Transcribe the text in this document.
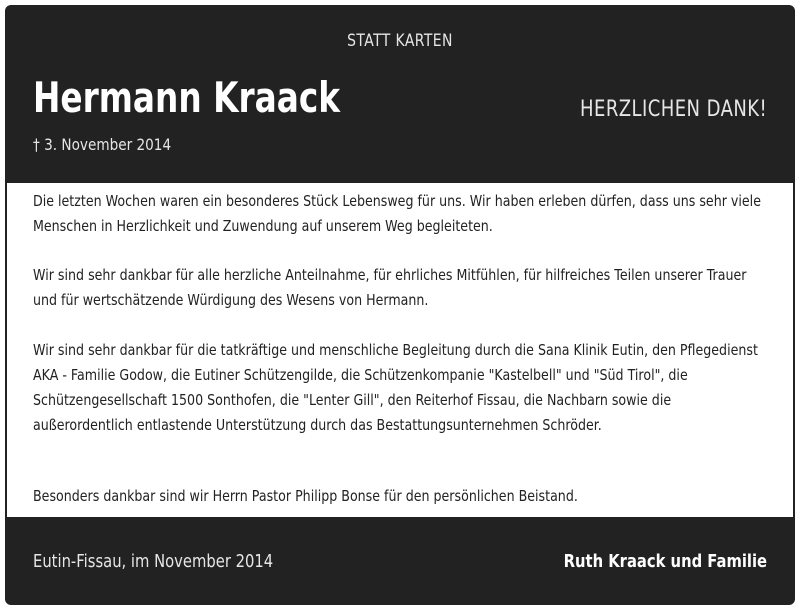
STATT KARTEN
Hermann Kraack
† 3. November 2014
HERZLICHEN DANK!

Die letzten Wochen waren ein besonderes Stück Lebensweg für uns. Wir haben erleben dürfen, dass uns sehr viele Menschen in Herzlichkeit und Zuwendung auf unserem Weg begleiteten.

Wir sind sehr dankbar für alle herzliche Anteilnahme, für ehrliches Mitfühlen, für hilfreiches Teilen unserer Trauer und für wertschätzende Würdigung des Wesens von Hermann.

Wir sind sehr dankbar für die tatkräftige und menschliche Begleitung durch die Sana Klinik Eutin, den Pflegedienst AKA - Familie Godow, die Eutiner Schützengilde, die Schützenkompanie "Kastelbell" und "Süd Tirol", die Schützengesellschaft 1500 Sonthofen, die "Lenter Gill", den Reiterhof Fissau, die Nachbarn sowie die außerordentlich entlastende Unterstützung durch das Bestattungsunternehmen Schröder.

Besonders dankbar sind wir Herrn Pastor Philipp Bonse für den persönlichen Beistand.

Eutin-Fissau, im November 2014	Ruth Kraack und Familie
